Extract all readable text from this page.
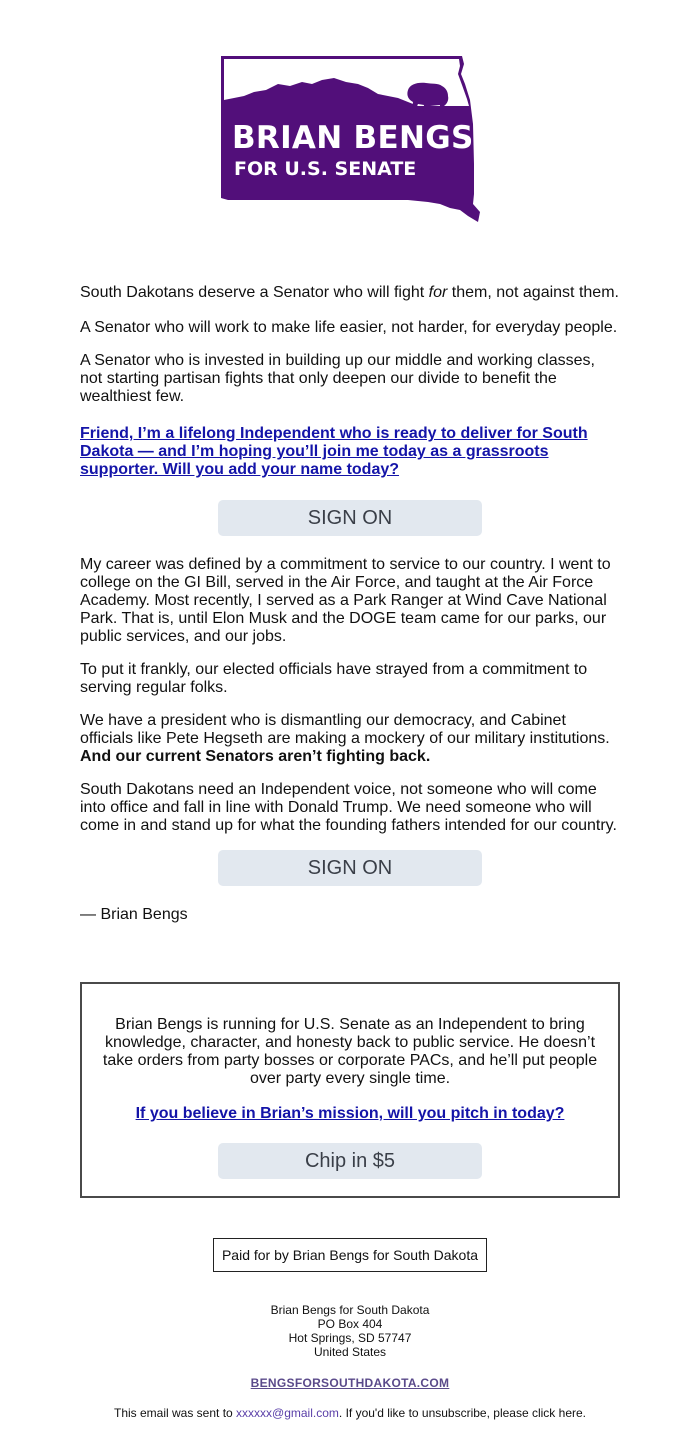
BRIAN BENGS
FOR U.S. SENATE

South Dakotans deserve a Senator who will fight for them, not against them.

A Senator who will work to make life easier, not harder, for everyday people.

A Senator who is invested in building up our middle and working classes, not starting partisan fights that only deepen our divide to benefit the wealthiest few.

Friend, I’m a lifelong Independent who is ready to deliver for South Dakota — and I’m hoping you’ll join me today as a grassroots supporter. Will you add your name today?
SIGN ON

My career was defined by a commitment to service to our country. I went to college on the GI Bill, served in the Air Force, and taught at the Air Force Academy. Most recently, I served as a Park Ranger at Wind Cave National Park. That is, until Elon Musk and the DOGE team came for our parks, our public services, and our jobs.

To put it frankly, our elected officials have strayed from a commitment to serving regular folks.

We have a president who is dismantling our democracy, and Cabinet officials like Pete Hegseth are making a mockery of our military institutions. And our current Senators aren’t fighting back.

South Dakotans need an Independent voice, not someone who will come into office and fall in line with Donald Trump. We need someone who will come in and stand up for what the founding fathers intended for our country.

SIGN ON

— Brian Bengs

Brian Bengs is running for U.S. Senate as an Independent to bring knowledge, character, and honesty back to public service. He doesn’t take orders from party bosses or corporate PACs, and he’ll put people over party every single time.

If you believe in Brian’s mission, will you pitch in today?
Chip in $5
Paid for by Brian Bengs for South Dakota
Brian Bengs for South Dakota
PO Box 404
Hot Springs, SD 57747
United States
BENGSFORSOUTHDAKOTA.COM
This email was sent to xxxxxx@gmail.com. If you'd like to unsubscribe, please click here.
